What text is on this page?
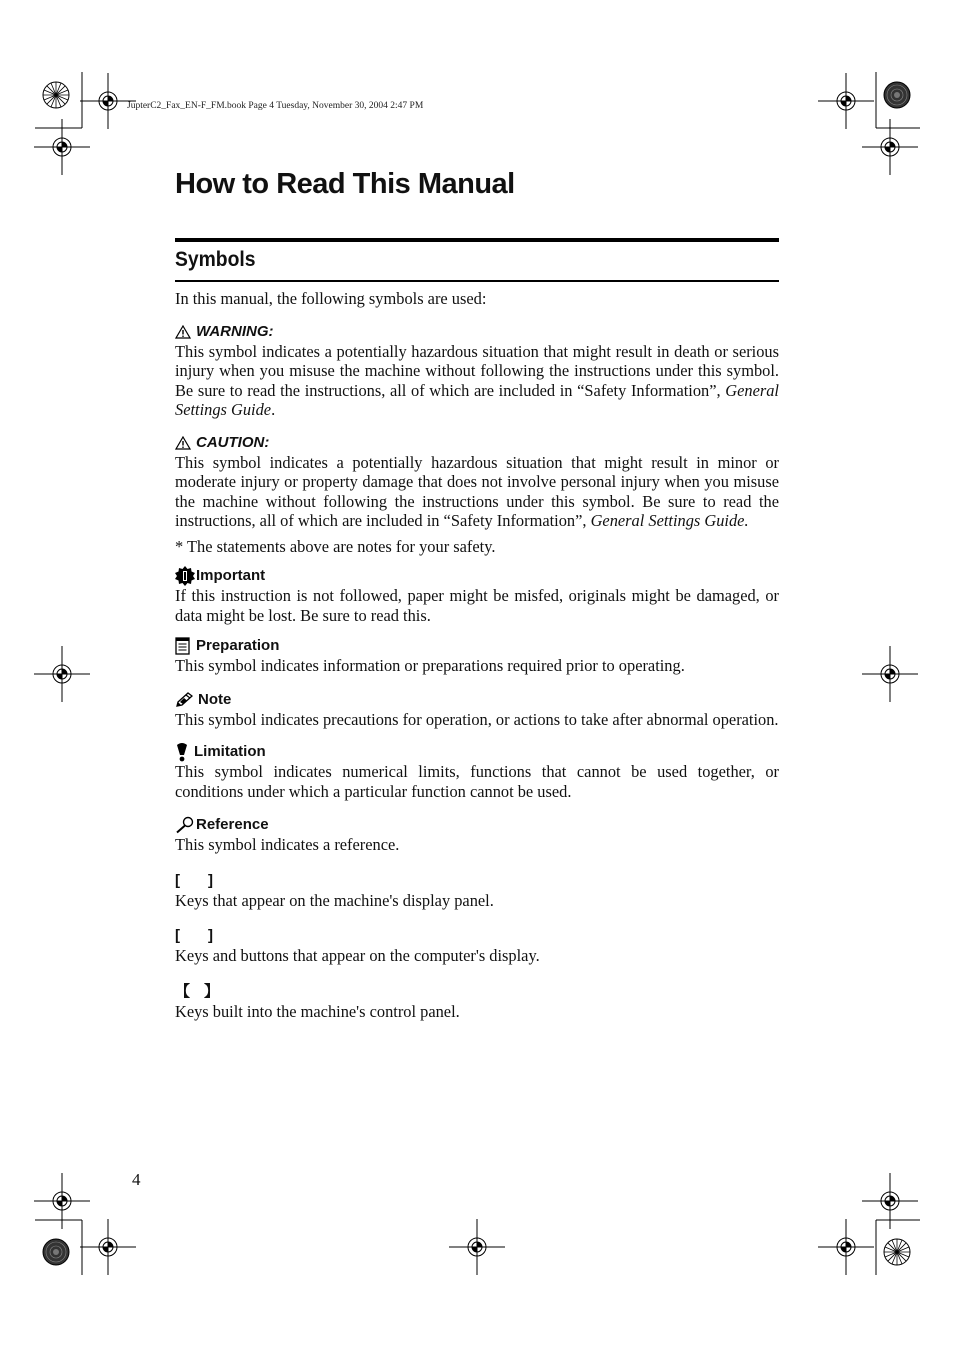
JupterC2_Fax_EN-F_FM.book Page 4 Tuesday, November 30, 2004 2:47 PM
How to Read This Manual
Symbols

In this manual, the following symbols are used:

WARNING:

This symbol indicates a potentially hazardous situation that might result in death or serious injury when you misuse the machine without following the instructions under this symbol. Be sure to read the instructions, all of which are included in “Safety Information”, General Settings Guide.

CAUTION:

This symbol indicates a potentially hazardous situation that might result in minor or moderate injury or property damage that does not involve personal injury when you misuse the machine without following the instructions under this symbol. Be sure to read the instructions, all of which are included in “Safety Information”, General Settings Guide.

* The statements above are notes for your safety.

Important

If this instruction is not followed, paper might be misfed, originals might be damaged, or data might be lost. Be sure to read this.

Preparation

This symbol indicates information or preparations required prior to operating.

Note

This symbol indicates precautions for operation, or actions to take after abnormal operation.

Limitation

This symbol indicates numerical limits, functions that cannot be used together, or conditions under which a particular function cannot be used.

Reference

This symbol indicates a reference.

[ ]

Keys that appear on the machine's display panel.

[ ]

Keys and buttons that appear on the computer's display.

【 】

Keys built into the machine's control panel.

4
